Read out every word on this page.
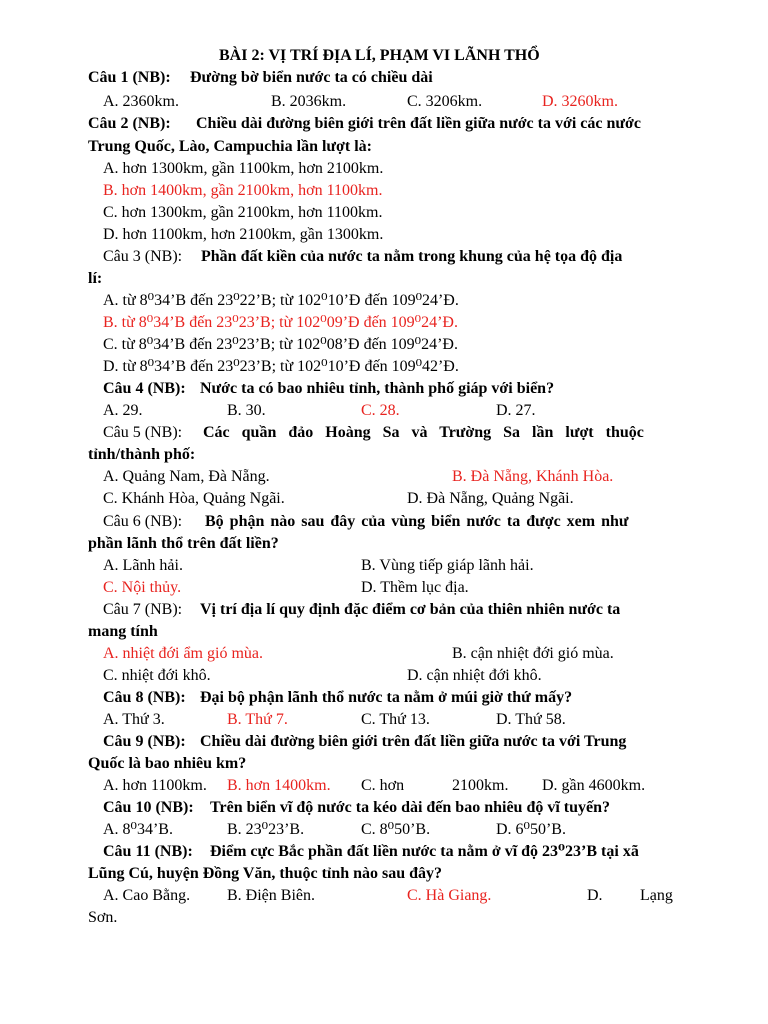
BÀI 2: VỊ TRÍ ĐỊA LÍ, PHẠM VI LÃNH THỔ
Câu 1 (NB): Đường bờ biển nước ta có chiều dài
A. 2360km.	B. 2036km.	C. 3206km.	D. 3260km.
Câu 2 (NB): Chiều dài đường biên giới trên đất liền giữa nước ta với các nước
Trung Quốc, Lào, Campuchia lần lượt là:
A. hơn 1300km, gần 1100km, hơn 2100km.
B. hơn 1400km, gần 2100km, hơn 1100km.
C. hơn 1300km, gần 2100km, hơn 1100km.
D. hơn 1100km, hơn 2100km, gần 1300km.
Câu 3 (NB): Phần đất kiền của nước ta nằm trong khung của hệ tọa độ địa
lí:
A. từ 8⁰34’B đến 23⁰22’B; từ 102⁰10’Đ đến 109⁰24’Đ.
B. từ 8⁰34’B đến 23⁰23’B; từ 102⁰09’Đ đến 109⁰24’Đ.
C. từ 8⁰34’B đến 23⁰23’B; từ 102⁰08’Đ đến 109⁰24’Đ.
D. từ 8⁰34’B đến 23⁰23’B; từ 102⁰10’Đ đến 109⁰42’Đ.
Câu 4 (NB): Nước ta có bao nhiêu tỉnh, thành phố giáp với biển?
A. 29.	B. 30.	C. 28.	D. 27.
Câu 5 (NB): Các quần đảo Hoàng Sa và Trường Sa lần lượt thuộc
tỉnh/thành phố:
A. Quảng Nam, Đà Nẵng.	B. Đà Nẵng, Khánh Hòa.
C. Khánh Hòa, Quảng Ngãi.	D. Đà Nẵng, Quảng Ngãi.
Câu 6 (NB): Bộ phận nào sau đây của vùng biển nước ta được xem như
phần lãnh thổ trên đất liền?
A. Lãnh hải.	B. Vùng tiếp giáp lãnh hải.
C. Nội thủy.	D. Thềm lục địa.
Câu 7 (NB): Vị trí địa lí quy định đặc điểm cơ bản của thiên nhiên nước ta
mang tính
A. nhiệt đới ẩm gió mùa.	B. cận nhiệt đới gió mùa.
C. nhiệt đới khô.	D. cận nhiệt đới khô.
Câu 8 (NB): Đại bộ phận lãnh thổ nước ta nằm ở múi giờ thứ mấy?
A. Thứ 3.	B. Thứ 7.	C. Thứ 13.	D. Thứ 58.
Câu 9 (NB): Chiều dài đường biên giới trên đất liền giữa nước ta với Trung
Quốc là bao nhiêu km?
A. hơn 1100km. B. hơn 1400km. C. hơn	2100km. D. gần 4600km.
Câu 10 (NB): Trên biển vĩ độ nước ta kéo dài đến bao nhiêu độ vĩ tuyến?
A. 8⁰34’B.	B. 23⁰23’B.	C. 8⁰50’B.	D. 6⁰50’B.
Câu 11 (NB): Điểm cực Bắc phần đất liền nước ta nằm ở vĩ độ 23⁰23’B tại xã
Lũng Cú, huyện Đồng Văn, thuộc tỉnh nào sau đây?
A. Cao Bằng. B. Điện Biên.	C. Hà Giang.	D. Lạng
Sơn.
